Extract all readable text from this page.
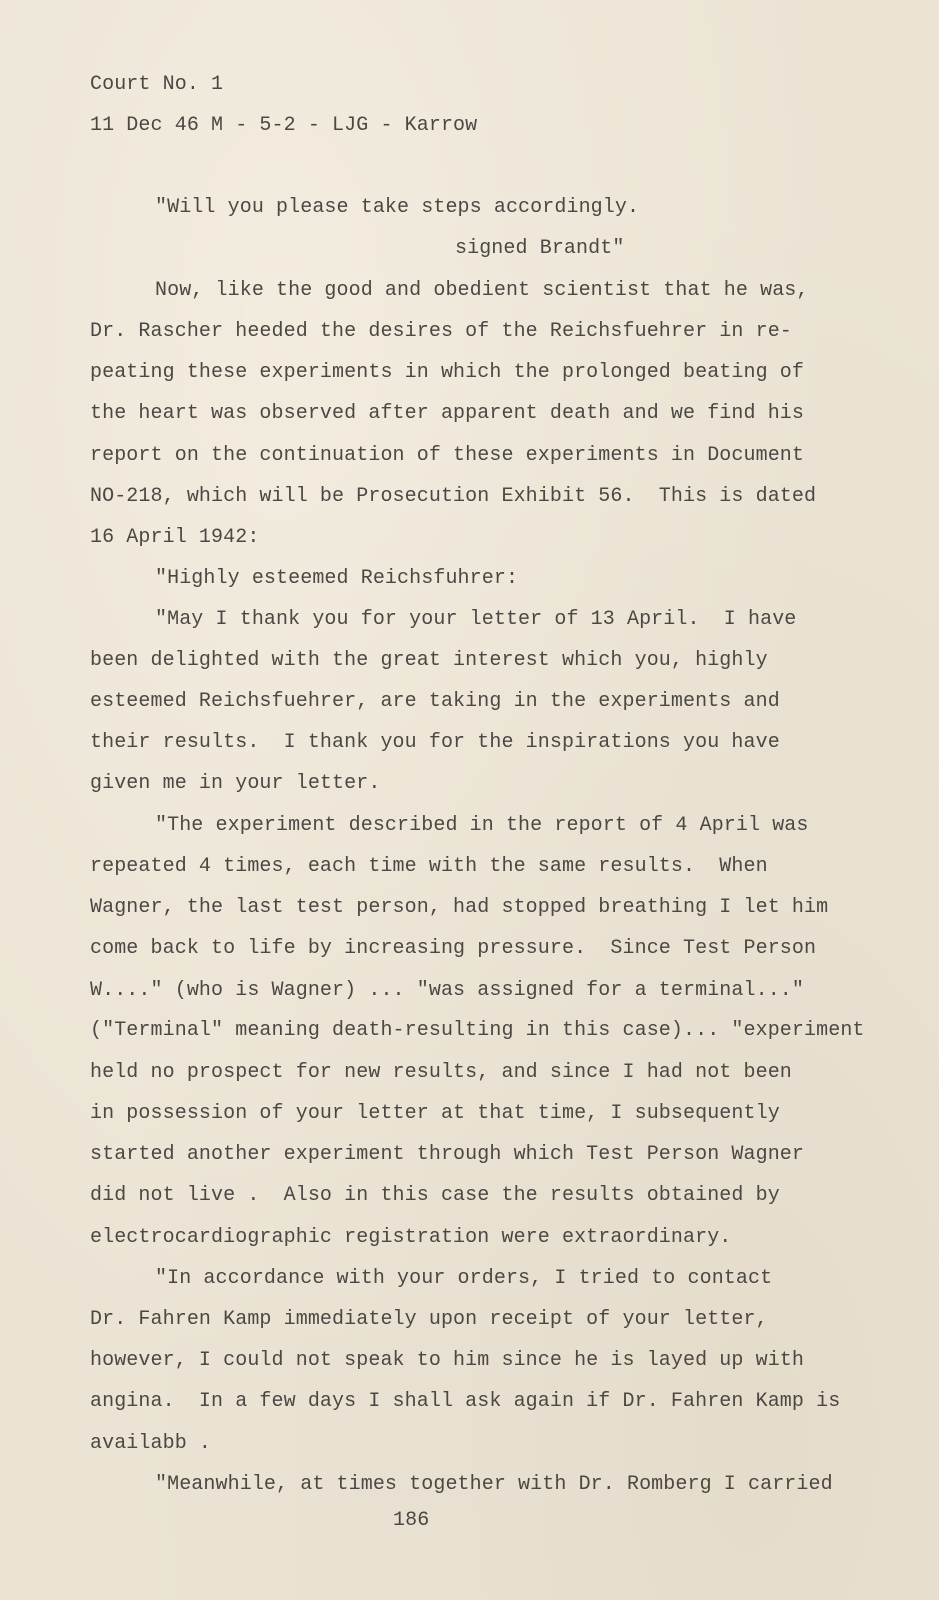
Court No. 1
11 Dec 46 M - 5-2 - LJG - Karrow
"Will you please take steps accordingly.
signed Brandt"
Now, like the good and obedient scientist that he was,
Dr. Rascher heeded the desires of the Reichsfuehrer in re-
peating these experiments in which the prolonged beating of
the heart was observed after apparent death and we find his
report on the continuation of these experiments in Document
NO-218, which will be Prosecution Exhibit 56.  This is dated
16 April 1942:
"Highly esteemed Reichsfuhrer:
"May I thank you for your letter of 13 April.  I have
been delighted with the great interest which you, highly
esteemed Reichsfuehrer, are taking in the experiments and
their results.  I thank you for the inspirations you have
given me in your letter.
"The experiment described in the report of 4 April was
repeated 4 times, each time with the same results.  When
Wagner, the last test person, had stopped breathing I let him
come back to life by increasing pressure.  Since Test Person
W...." (who is Wagner) ... "was assigned for a terminal..."
("Terminal" meaning death-resulting in this case)... "experiment
held no prospect for new results, and since I had not been
in possession of your letter at that time, I subsequently
started another experiment through which Test Person Wagner
did not live .  Also in this case the results obtained by
electrocardiographic registration were extraordinary.
"In accordance with your orders, I tried to contact
Dr. Fahren Kamp immediately upon receipt of your letter,
however, I could not speak to him since he is layed up with
angina.  In a few days I shall ask again if Dr. Fahren Kamp is
availabb .
"Meanwhile, at times together with Dr. Romberg I carried
186
